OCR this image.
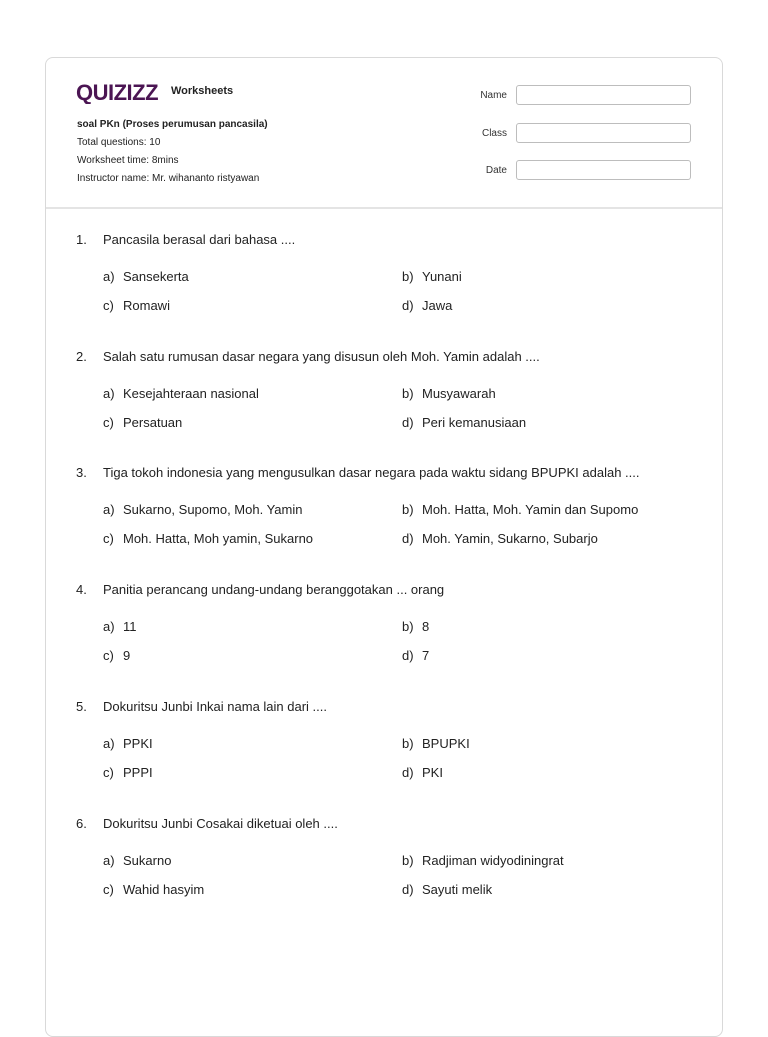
QUIZIZZ Worksheets
soal PKn (Proses perumusan pancasila)
Total questions: 10
Worksheet time: 8mins
Instructor name: Mr. wihananto ristyawan
Name
Class
Date
1.	Pancasila berasal dari bahasa ....
a) Sansekerta	b) Yunani
c) Romawi	d) Jawa
2.	Salah satu rumusan dasar negara yang disusun oleh Moh. Yamin adalah ....
a) Kesejahteraan nasional	b) Musyawarah
c) Persatuan	d) Peri kemanusiaan
3.	Tiga tokoh indonesia yang mengusulkan dasar negara pada waktu sidang BPUPKI adalah ....
a) Sukarno, Supomo, Moh. Yamin	b) Moh. Hatta, Moh. Yamin dan Supomo
c) Moh. Hatta, Moh yamin, Sukarno	d) Moh. Yamin, Sukarno, Subarjo
4.	Panitia perancang undang-undang beranggotakan ... orang
a) 11	b) 8
c) 9	d) 7
5.	Dokuritsu Junbi Inkai nama lain dari ....
a) PPKI	b) BPUPKI
c) PPPI	d) PKI
6.	Dokuritsu Junbi Cosakai diketuai oleh ....
a) Sukarno	b) Radjiman widyodiningrat
c) Wahid hasyim	d) Sayuti melik
